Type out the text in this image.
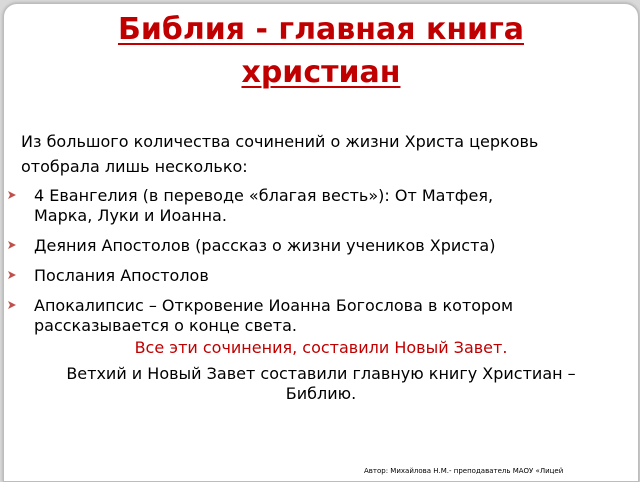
Библия - главная книга
христиан

Из большого количества сочинений о жизни Христа церковь
отобрала лишь несколько:

4 Евангелия (в переводе «благая весть»): От Матфея,
Марка, Луки и Иоанна.
Деяния Апостолов (рассказ о жизни учеников Христа)
Послания Апостолов
Апокалипсис – Откровение Иоанна Богослова в котором
рассказывается о конце света.

Все эти сочинения, составили Новый Завет.

Ветхий и Новый Завет составили главную книгу Христиан –
Библию.

Автор: Михайлова Н.М.- преподаватель МАОУ «Лицей
